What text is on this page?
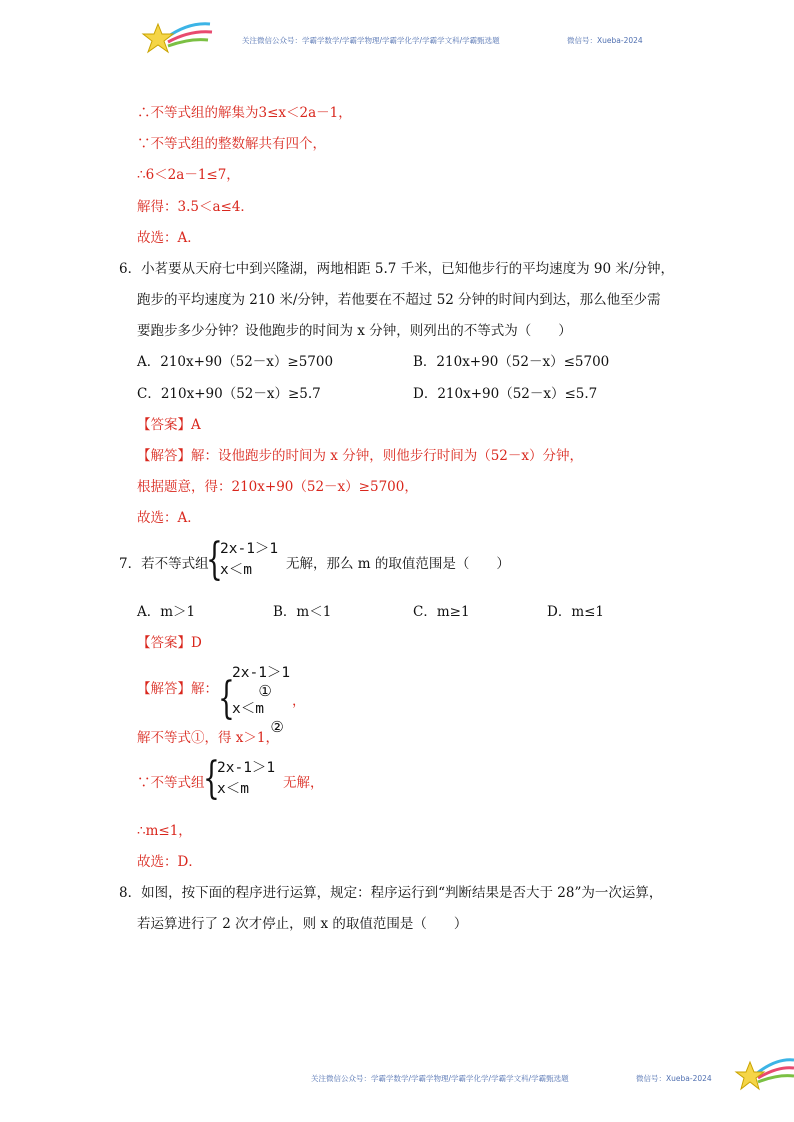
关注微信公众号：学霸学数学/学霸学物理/学霸学化学/学霸学文科/学霸甄选题	微信号：Xueba-2024
∴不等式组的解集为3≤x＜2a－1，
∵不等式组的整数解共有四个，
∴6＜2a－1≤7，
解得：3.5＜a≤4．
故选：A．
6．小茗要从天府七中到兴隆湖，两地相距 5.7 千米，已知他步行的平均速度为 90 米/分钟，
跑步的平均速度为 210 米/分钟，若他要在不超过 52 分钟的时间内到达，那么他至少需
要跑步多少分钟？设他跑步的时间为 x 分钟，则列出的不等式为（　　）
A．210x+90（52－x）≥5700	B．210x+90（52－x）≤5700
C．210x+90（52－x）≥5.7	D．210x+90（52－x）≤5.7
【答案】A
【解答】解：设他跑步的时间为 x 分钟，则他步行时间为（52－x）分钟，
根据题意，得：210x+90（52－x）≥5700，
故选：A．
7．若不等式组
{
2x-1＞1
x＜m	无解，那么 m 的取值范围是（　　）
A．m＞1	B．m＜1	C．m≥1	D．m≤1
【答案】D
【解答】解： {
2x-1＞1
①
x＜m
②
，
解不等式①，得 x＞1，
∵不等式组
{
2x-1＞1
x＜m	无解，
∴m≤1，
故选：D．
8．如图，按下面的程序进行运算，规定：程序运行到“判断结果是否大于 28”为一次运算，
若运算进行了 2 次才停止，则 x 的取值范围是（　　）
关注微信公众号：学霸学数学/学霸学物理/学霸学化学/学霸学文科/学霸甄选题	微信号：Xueba-2024
